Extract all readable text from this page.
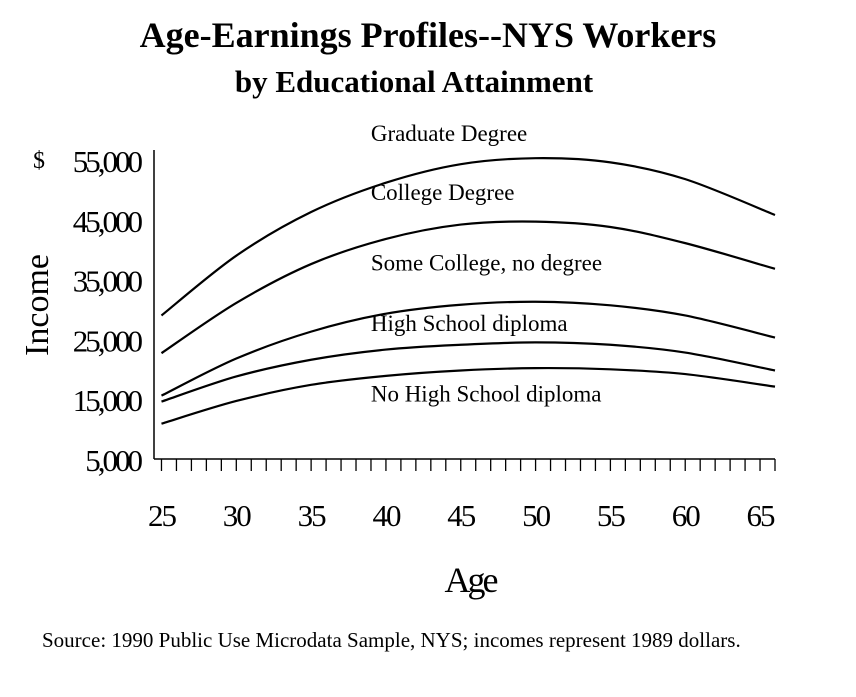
Age-Earnings Profiles--NYS Workers
by Educational Attainment
Graduate Degree
College Degree
Some College, no degree
High School diploma
No High School diploma
5,000
15,000
25,000
35,000
45,000
55,000
25 30 35 40 45 50 55 60 65
$
Income
Age
Source: 1990 Public Use Microdata Sample, NYS; incomes represent 1989 dollars.
